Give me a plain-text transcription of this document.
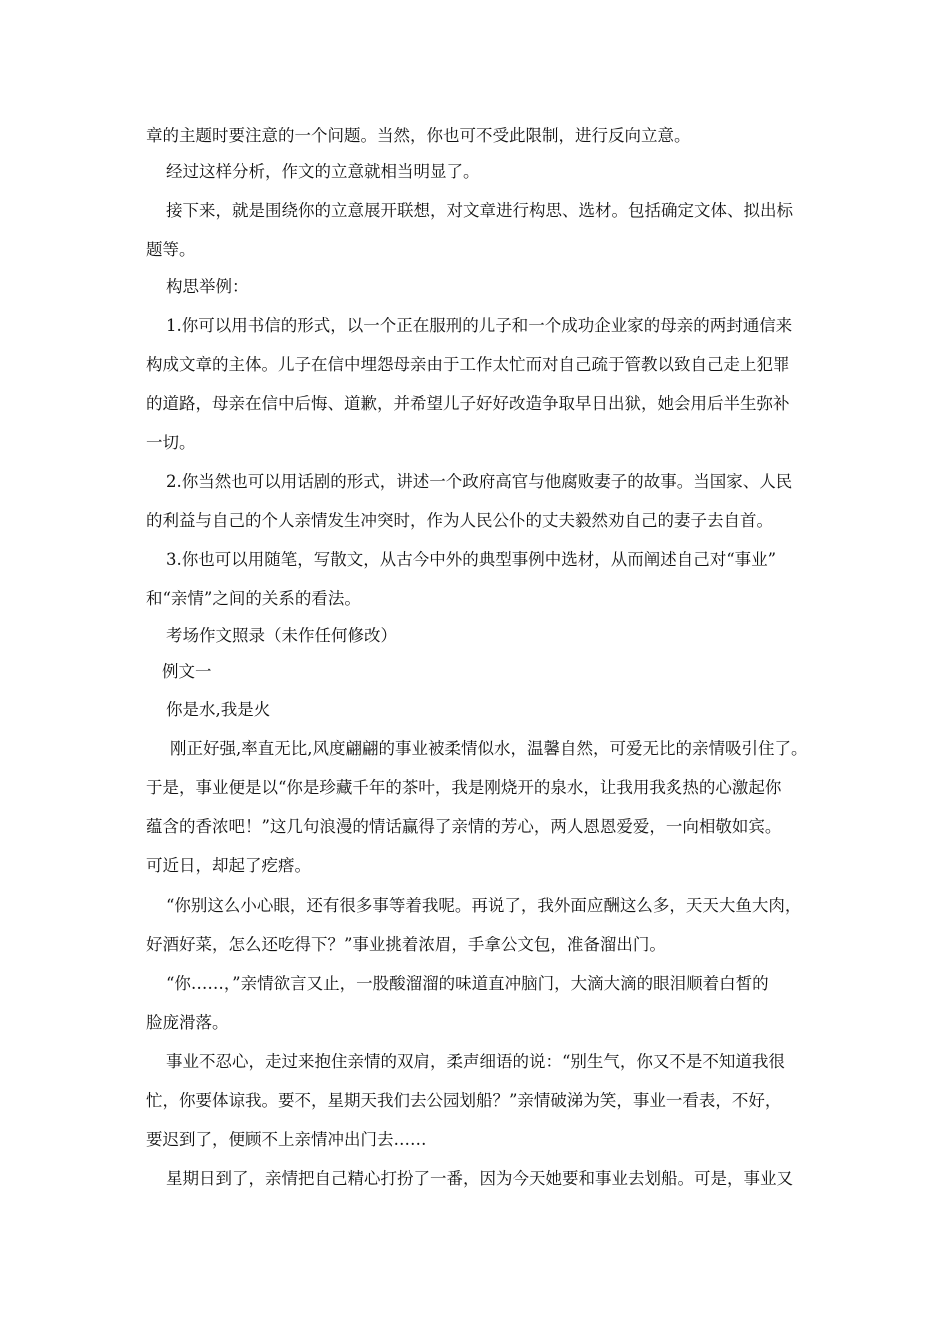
章的主题时要注意的一个问题。当然，你也可不受此限制，进行反向立意。

经过这样分析，作文的立意就相当明显了。

接下来，就是围绕你的立意展开联想，对文章进行构思、选材。包括确定文体、拟出标

题等。

构思举例：

1.你可以用书信的形式，以一个正在服刑的儿子和一个成功企业家的母亲的两封通信来

构成文章的主体。儿子在信中埋怨母亲由于工作太忙而对自己疏于管教以致自己走上犯罪

的道路，母亲在信中后悔、道歉，并希望儿子好好改造争取早日出狱，她会用后半生弥补

一切。

2.你当然也可以用话剧的形式，讲述一个政府高官与他腐败妻子的故事。当国家、人民

的利益与自己的个人亲情发生冲突时，作为人民公仆的丈夫毅然劝自己的妻子去自首。

3.你也可以用随笔，写散文，从古今中外的典型事例中选材，从而阐述自己对“事业”

和“亲情”之间的关系的看法。

考场作文照录（未作任何修改）

例文一

你是水,我是火

刚正好强,率直无比,风度翩翩的事业被柔情似水，温馨自然，可爱无比的亲情吸引住了。

于是，事业便是以“你是珍藏千年的茶叶，我是刚烧开的泉水，让我用我炙热的心激起你

蕴含的香浓吧！”这几句浪漫的情话赢得了亲情的芳心，两人恩恩爱爱，一向相敬如宾。

可近日，却起了疙瘩。

“你别这么小心眼，还有很多事等着我呢。再说了，我外面应酬这么多，天天大鱼大肉，

好酒好菜，怎么还吃得下？”事业挑着浓眉，手拿公文包，准备溜出门。

“你……，”亲情欲言又止，一股酸溜溜的味道直冲脑门，大滴大滴的眼泪顺着白皙的

脸庞滑落。

事业不忍心，走过来抱住亲情的双肩，柔声细语的说：“别生气，你又不是不知道我很

忙，你要体谅我。要不，星期天我们去公园划船？”亲情破涕为笑，事业一看表，不好，

要迟到了，便顾不上亲情冲出门去……

星期日到了，亲情把自己精心打扮了一番，因为今天她要和事业去划船。可是，事业又
